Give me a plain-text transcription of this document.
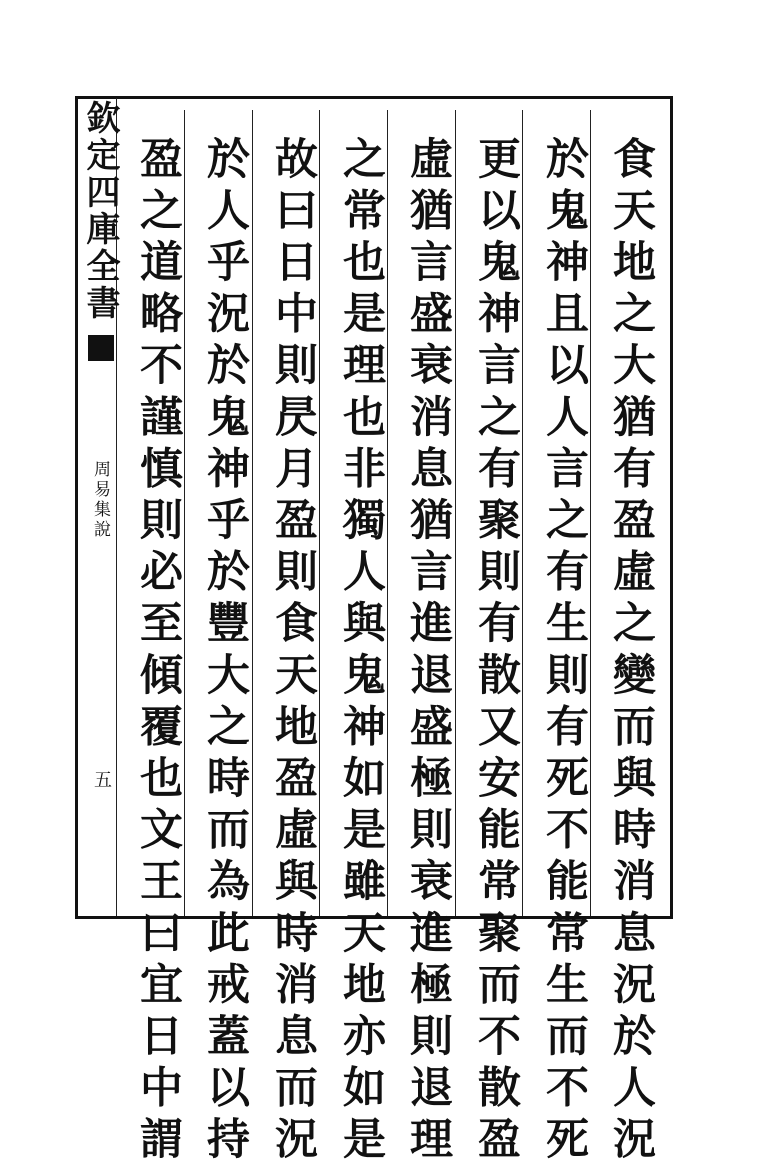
欽定四庫全書
周易集說
五	食天地之大猶有盈虛之變而與時消息況於人況
於鬼神且以人言之有生則有死不能常生而不死
更以鬼神言之有聚則有散又安能常聚而不散盈
虛猶言盛衰消息猶言進退盛極則衰進極則退理
之常也是理也非獨人與鬼神如是雖天地亦如是
故曰日中則昃月盈則食天地盈虛與時消息而況
於人乎況於鬼神乎於豐大之時而為此戒蓋以持
盈之道略不謹慎則必至傾覆也文王曰宜日中謂
